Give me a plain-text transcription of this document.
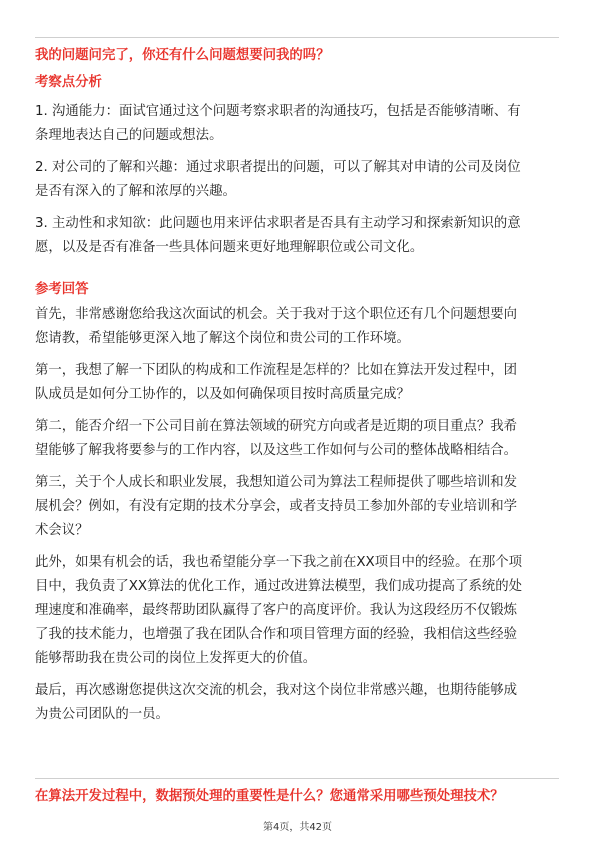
我的问题问完了，你还有什么问题想要问我的吗？
考察点分析
1. 沟通能力：面试官通过这个问题考察求职者的沟通技巧，包括是否能够清晰、有
条理地表达自己的问题或想法。
2. 对公司的了解和兴趣：通过求职者提出的问题，可以了解其对申请的公司及岗位
是否有深入的了解和浓厚的兴趣。
3. 主动性和求知欲：此问题也用来评估求职者是否具有主动学习和探索新知识的意
愿，以及是否有准备一些具体问题来更好地理解职位或公司文化。
参考回答
首先，非常感谢您给我这次面试的机会。关于我对于这个职位还有几个问题想要向
您请教，希望能够更深入地了解这个岗位和贵公司的工作环境。
第一，我想了解一下团队的构成和工作流程是怎样的？比如在算法开发过程中，团
队成员是如何分工协作的，以及如何确保项目按时高质量完成？
第二，能否介绍一下公司目前在算法领域的研究方向或者是近期的项目重点？我希
望能够了解我将要参与的工作内容，以及这些工作如何与公司的整体战略相结合。
第三，关于个人成长和职业发展，我想知道公司为算法工程师提供了哪些培训和发
展机会？例如，有没有定期的技术分享会，或者支持员工参加外部的专业培训和学
术会议？
此外，如果有机会的话，我也希望能分享一下我之前在XX项目中的经验。在那个项
目中，我负责了XX算法的优化工作，通过改进算法模型，我们成功提高了系统的处
理速度和准确率，最终帮助团队赢得了客户的高度评价。我认为这段经历不仅锻炼
了我的技术能力，也增强了我在团队合作和项目管理方面的经验，我相信这些经验
能够帮助我在贵公司的岗位上发挥更大的价值。
最后，再次感谢您提供这次交流的机会，我对这个岗位非常感兴趣，也期待能够成
为贵公司团队的一员。
在算法开发过程中，数据预处理的重要性是什么？您通常采用哪些预处理技术？
第4页，共42页
